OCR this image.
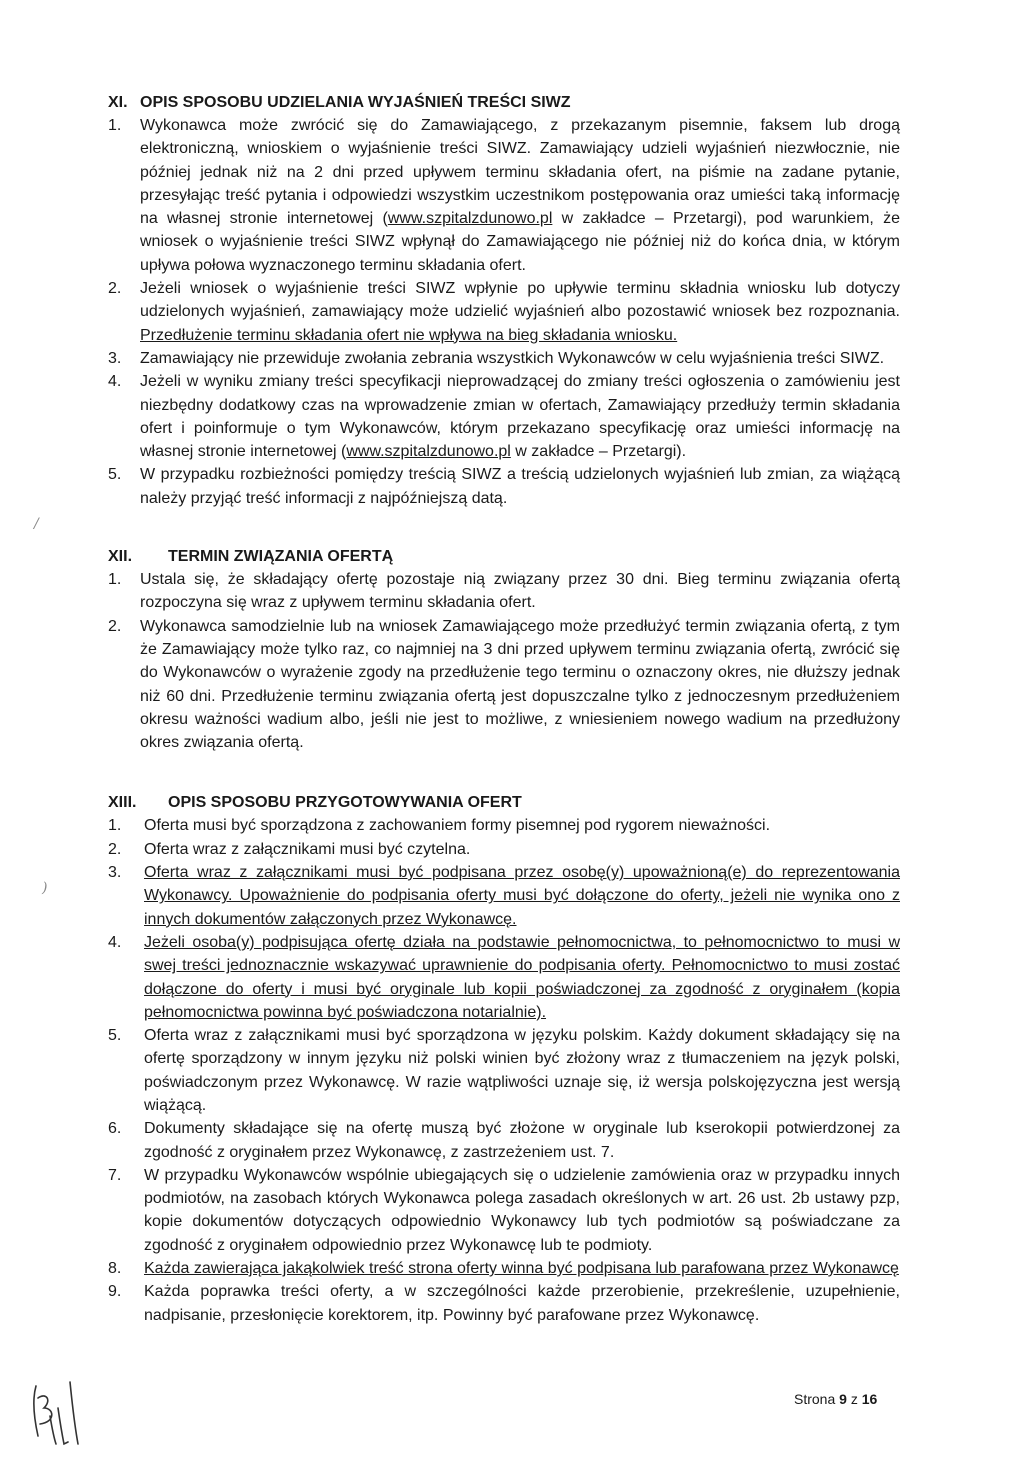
XI. OPIS SPOSOBU UDZIELANIA WYJAŚNIEŃ TREŚCI SIWZ
1.	Wykonawca może zwrócić się do Zamawiającego, z przekazanym pisemnie, faksem lub drogą elektroniczną, wnioskiem o wyjaśnienie treści SIWZ. Zamawiający udzieli wyjaśnień niezwłocznie, nie później jednak niż na 2 dni przed upływem terminu składania ofert, na piśmie na zadane pytanie, przesyłając treść pytania i odpowiedzi wszystkim uczestnikom postępowania oraz umieści taką informację na własnej stronie internetowej (www.szpitalzdunowo.pl w zakładce – Przetargi), pod warunkiem, że wniosek o wyjaśnienie treści SIWZ wpłynął do Zamawiającego nie później niż do końca dnia, w którym upływa połowa wyznaczonego terminu składania ofert.
2.	Jeżeli wniosek o wyjaśnienie treści SIWZ wpłynie po upływie terminu składnia wniosku lub dotyczy udzielonych wyjaśnień, zamawiający może udzielić wyjaśnień albo pozostawić wniosek bez rozpoznania. Przedłużenie terminu składania ofert nie wpływa na bieg składania wniosku.
3.	Zamawiający nie przewiduje zwołania zebrania wszystkich Wykonawców w celu wyjaśnienia treści SIWZ.
4.	Jeżeli w wyniku zmiany treści specyfikacji nieprowadzącej do zmiany treści ogłoszenia o zamówieniu jest niezbędny dodatkowy czas na wprowadzenie zmian w ofertach, Zamawiający przedłuży termin składania ofert i poinformuje o tym Wykonawców, którym przekazano specyfikację oraz umieści informację na własnej stronie internetowej (www.szpitalzdunowo.pl w zakładce – Przetargi).
5.	W przypadku rozbieżności pomiędzy treścią SIWZ a treścią udzielonych wyjaśnień lub zmian, za wiążącą należy przyjąć treść informacji z najpóźniejszą datą.
XII.	TERMIN ZWIĄZANIA OFERTĄ
1.	Ustala się, że składający ofertę pozostaje nią związany przez 30 dni. Bieg terminu związania ofertą rozpoczyna się wraz z upływem terminu składania ofert.
2.	Wykonawca samodzielnie lub na wniosek Zamawiającego może przedłużyć termin związania ofertą, z tym że Zamawiający może tylko raz, co najmniej na 3 dni przed upływem terminu związania ofertą, zwrócić się do Wykonawców o wyrażenie zgody na przedłużenie tego terminu o oznaczony okres, nie dłuższy jednak niż 60 dni. Przedłużenie terminu związania ofertą jest dopuszczalne tylko z jednoczesnym przedłużeniem okresu ważności wadium albo, jeśli nie jest to możliwe, z wniesieniem nowego wadium na przedłużony okres związania ofertą.
XIII.	OPIS SPOSOBU PRZYGOTOWYWANIA OFERT
1.	Oferta musi być sporządzona z zachowaniem formy pisemnej pod rygorem nieważności.
2.	Oferta wraz z załącznikami musi być czytelna.
3.	Oferta wraz z załącznikami musi być podpisana przez osobę(y) upoważnioną(e) do reprezentowania Wykonawcy. Upoważnienie do podpisania oferty musi być dołączone do oferty, jeżeli nie wynika ono z innych dokumentów załączonych przez Wykonawcę.
4.	Jeżeli osoba(y) podpisująca ofertę działa na podstawie pełnomocnictwa, to pełnomocnictwo to musi w swej treści jednoznacznie wskazywać uprawnienie do podpisania oferty. Pełnomocnictwo to musi zostać dołączone do oferty i musi być oryginale lub kopii poświadczonej za zgodność z oryginałem (kopia pełnomocnictwa powinna być poświadczona notarialnie).
5.	Oferta wraz z załącznikami musi być sporządzona w języku polskim. Każdy dokument składający się na ofertę sporządzony w innym języku niż polski winien być złożony wraz z tłumaczeniem na język polski, poświadczonym przez Wykonawcę. W razie wątpliwości uznaje się, iż wersja polskojęzyczna jest wersją wiążącą.
6.	Dokumenty składające się na ofertę muszą być złożone w oryginale lub kserokopii potwierdzonej za zgodność z oryginałem przez Wykonawcę, z zastrzeżeniem ust. 7.
7.	W przypadku Wykonawców wspólnie ubiegających się o udzielenie zamówienia oraz w przypadku innych podmiotów, na zasobach których Wykonawca polega zasadach określonych w art. 26 ust. 2b ustawy pzp, kopie dokumentów dotyczących odpowiednio Wykonawcy lub tych podmiotów są poświadczane za zgodność z oryginałem odpowiednio przez Wykonawcę lub te podmioty.
8.	Każda zawierająca jakąkolwiek treść strona oferty winna być podpisana lub parafowana przez Wykonawcę
9.	Każda poprawka treści oferty, a w szczególności każde przerobienie, przekreślenie, uzupełnienie, nadpisanie, przesłonięcie korektorem, itp. Powinny być parafowane przez Wykonawcę.
Strona 9 z 16
/
)
